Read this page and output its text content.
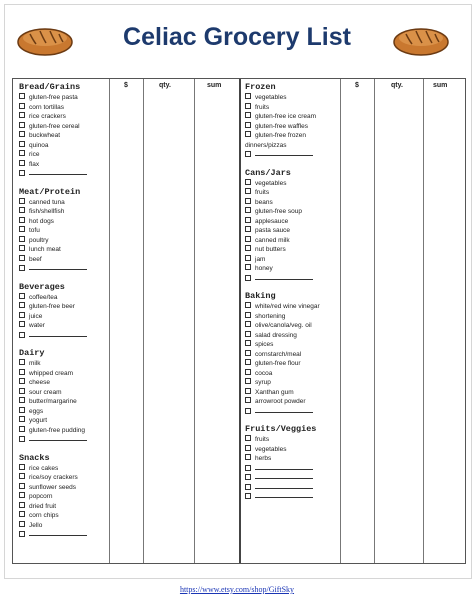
Celiac Grocery List
$	qty.	sum	$	qty.	sum
Bread/Grains
gluten-free pasta
corn tortillas
rice crackers
gluten-free cereal
buckwheat
quinoa
rice
flax
Meat/Protein
canned tuna
fish/shellfish
hot dogs
tofu
poultry
lunch meat
beef
Beverages
coffee/tea
gluten-free beer
juice
water
Dairy
milk
whipped cream
cheese
sour cream
butter/margarine
eggs
yogurt
gluten-free pudding
Snacks
rice cakes
rice/soy crackers
sunflower seeds
popcorn
dried fruit
corn chips
Jello
Frozen
vegetables
fruits
gluten-free ice cream
gluten-free waffles
gluten-free frozen
dinners/pizzas
Cans/Jars
vegetables
fruits
beans
gluten-free soup
applesauce
pasta sauce
canned milk
nut butters
jam
honey
Baking
white/red wine vinegar
shortening
olive/canola/veg. oil
salad dressing
spices
cornstarch/meal
gluten-free flour
cocoa
syrup
Xanthan gum
arrowroot powder
Fruits/Veggies
fruits
vegetables
herbs
https://www.etsy.com/shop/GiftSky
